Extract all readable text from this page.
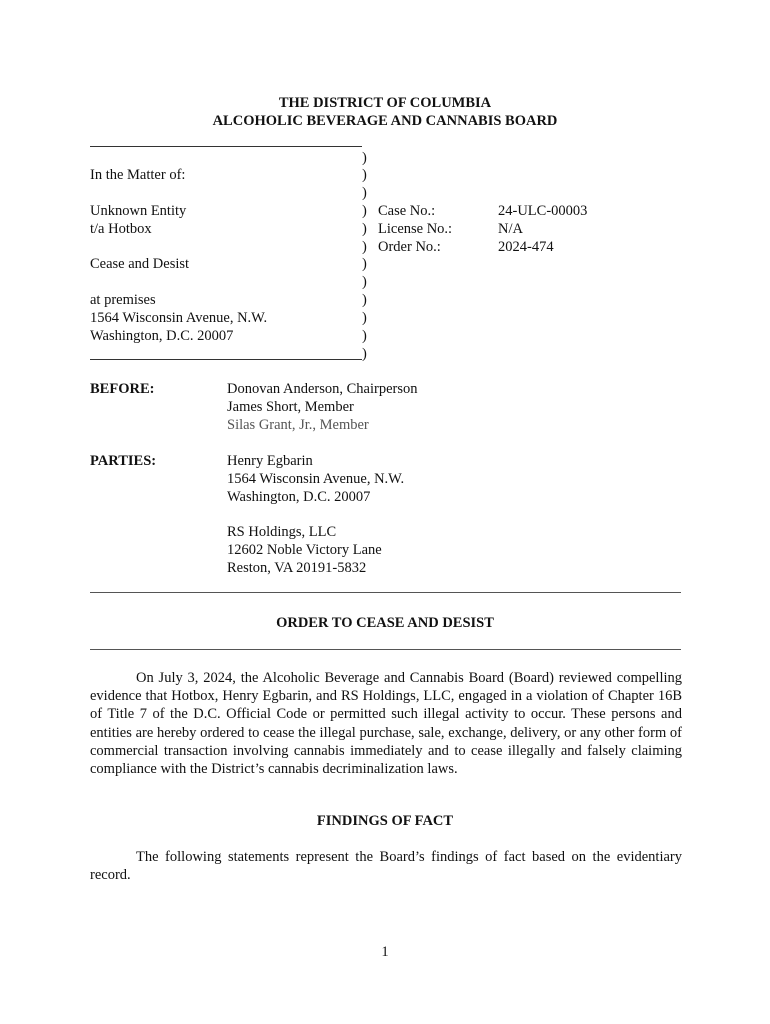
THE DISTRICT OF COLUMBIA
ALCOHOLIC BEVERAGE AND CANNABIS BOARD
In the Matter of:
Unknown Entity
t/a Hotbox
Cease and Desist
at premises
1564 Wisconsin Avenue, N.W.
Washington, D.C. 20007
)
)
)
)
)
)
)
)
)
)
)
)
Case No.:	24-ULC-00003
License No.:	N/A
Order No.:	2024-474
BEFORE:	Donovan Anderson, Chairperson
James Short, Member
Silas Grant, Jr., Member
PARTIES:	Henry Egbarin
1564 Wisconsin Avenue, N.W.
Washington, D.C. 20007
RS Holdings, LLC
12602 Noble Victory Lane
Reston, VA 20191-5832
ORDER TO CEASE AND DESIST
On July 3, 2024, the Alcoholic Beverage and Cannabis Board (Board) reviewed compelling evidence that Hotbox, Henry Egbarin, and RS Holdings, LLC, engaged in a violation of Chapter 16B of Title 7 of the D.C. Official Code or permitted such illegal activity to occur. These persons and entities are hereby ordered to cease the illegal purchase, sale, exchange, delivery, or any other form of commercial transaction involving cannabis immediately and to cease illegally and falsely claiming compliance with the District’s cannabis decriminalization laws.
FINDINGS OF FACT
The following statements represent the Board’s findings of fact based on the evidentiary record.
1
